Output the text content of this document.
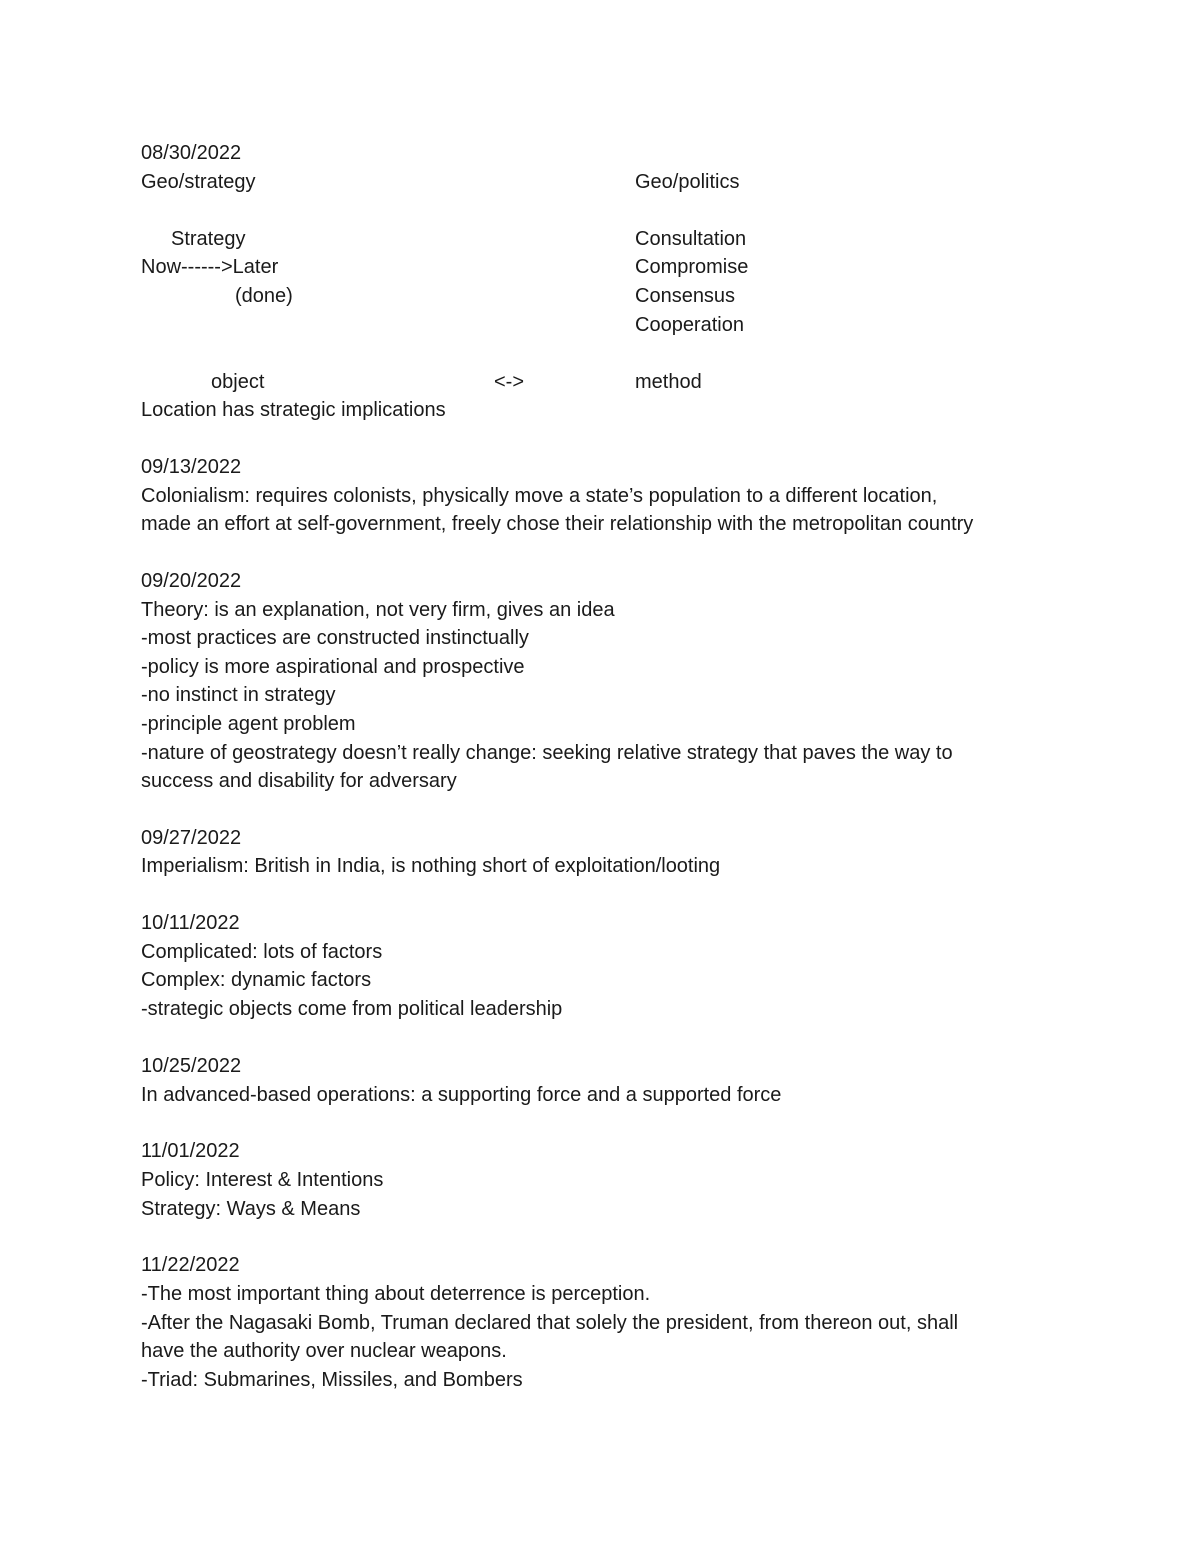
08/30/2022
Geo/strategy	Geo/politics
Strategy
Now------>Later
(done)
Consultation
Compromise
Consensus
Cooperation
object	<->	method
Location has strategic implications
09/13/2022
Colonialism: requires colonists, physically move a state’s population to a different location,
made an effort at self-government, freely chose their relationship with the metropolitan country
09/20/2022
Theory: is an explanation, not very firm, gives an idea
-most practices are constructed instinctually
-policy is more aspirational and prospective
-no instinct in strategy
-principle agent problem
-nature of geostrategy doesn’t really change: seeking relative strategy that paves the way to
success and disability for adversary
09/27/2022
Imperialism: British in India, is nothing short of exploitation/looting
10/11/2022
Complicated: lots of factors
Complex: dynamic factors
-strategic objects come from political leadership
10/25/2022
In advanced-based operations: a supporting force and a supported force
11/01/2022
Policy: Interest & Intentions
Strategy: Ways & Means
11/22/2022
-The most important thing about deterrence is perception.
-After the Nagasaki Bomb, Truman declared that solely the president, from thereon out, shall
have the authority over nuclear weapons.
-Triad: Submarines, Missiles, and Bombers
